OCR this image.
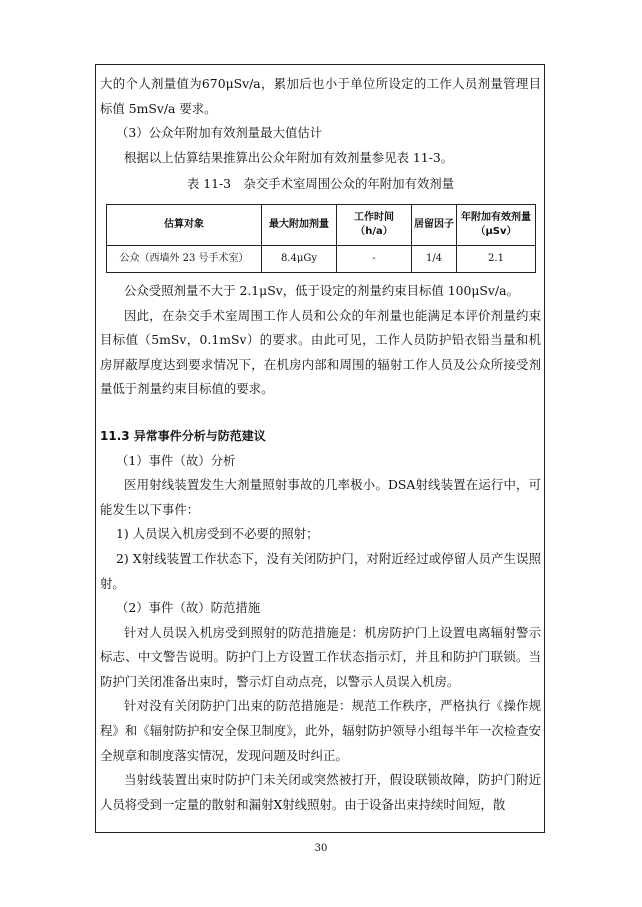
大的个人剂量值为670μSv/a，累加后也小于单位所设定的工作人员剂量管理目标值 5mSv/a 要求。

（3）公众年附加有效剂量最大值估计

根据以上估算结果推算出公众年附加有效剂量参见表 11-3。

表 11-3　杂交手术室周围公众的年附加有效剂量

估算对象	最大附加剂量	工作时间（h/a）	居留因子	年附加有效剂量（μSv）
公众（西墙外 23 号手术室）	8.4μGy	-	1/4	2.1

公众受照剂量不大于 2.1μSv，低于设定的剂量约束目标值 100μSv/a。

因此，在杂交手术室周围工作人员和公众的年剂量也能满足本评价剂量约束目标值（5mSv，0.1mSv）的要求。由此可见，工作人员防护铅衣铅当量和机房屏蔽厚度达到要求情况下，在机房内部和周围的辐射工作人员及公众所接受剂量低于剂量约束目标值的要求。

11.3 异常事件分析与防范建议

（1）事件（故）分析

医用射线装置发生大剂量照射事故的几率极小。DSA射线装置在运行中，可能发生以下事件：

1) 人员误入机房受到不必要的照射；

2) X射线装置工作状态下，没有关闭防护门，对附近经过或停留人员产生误照射。

（2）事件（故）防范措施

针对人员误入机房受到照射的防范措施是：机房防护门上设置电离辐射警示标志、中文警告说明。防护门上方设置工作状态指示灯，并且和防护门联锁。当防护门关闭准备出束时，警示灯自动点亮，以警示人员误入机房。

针对没有关闭防护门出束的防范措施是：规范工作秩序，严格执行《操作规程》和《辐射防护和安全保卫制度》，此外，辐射防护领导小组每半年一次检查安全规章和制度落实情况，发现问题及时纠正。

当射线装置出束时防护门未关闭或突然被打开，假设联锁故障，防护门附近人员将受到一定量的散射和漏射X射线照射。由于设备出束持续时间短，散

30
